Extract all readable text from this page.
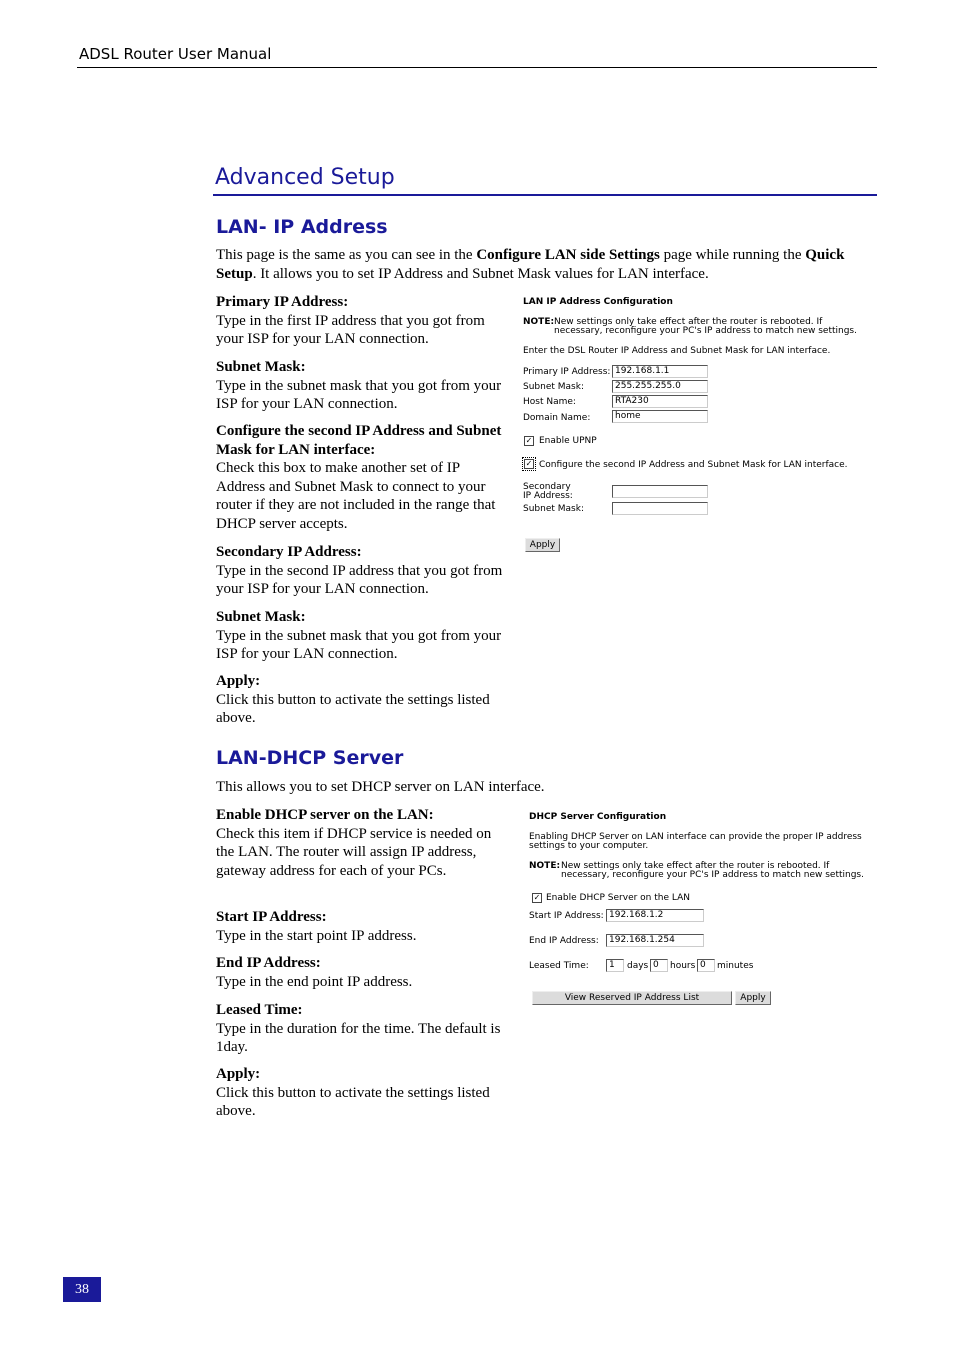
ADSL Router User Manual
Advanced Setup
LAN- IP Address

This page is the same as you can see in the Configure LAN side Settings page while running the Quick Setup. It allows you to set IP Address and Subnet Mask values for LAN interface.

Primary IP Address:
Type in the first IP address that you got from your ISP for your LAN connection.
Subnet Mask:
Type in the subnet mask that you got from your ISP for your LAN connection.
Configure the second IP Address and Subnet Mask for LAN interface:
Check this box to make another set of IP Address and Subnet Mask to connect to your router if they are not included in the range that DHCP server accepts.
Secondary IP Address:
Type in the second IP address that you got from your ISP for your LAN connection.
Subnet Mask:
Type in the subnet mask that you got from your ISP for your LAN connection.
Apply:
Click this button to activate the settings listed above.
LAN IP Address Configuration
NOTE: New settings only take effect after the router is rebooted. If
necessary, reconfigure your PC's IP address to match new settings.
Enter the DSL Router IP Address and Subnet Mask for LAN interface.
Primary IP Address: 192.168.1.1
Subnet Mask:	255.255.255.0
Host Name:	RTA230
Domain Name:	home
✓ Enable UPNP
✓ Configure the second IP Address and Subnet Mask for LAN interface.
Secondary
IP Address:
Subnet Mask:
Apply
LAN-DHCP Server

This allows you to set DHCP server on LAN interface.

Enable DHCP server on the LAN:
Check this item if DHCP service is needed on the LAN. The router will assign IP address, gateway address for each of your PCs.
Start IP Address:
Type in the start point IP address.
End IP Address:
Type in the end point IP address.
Leased Time:
Type in the duration for the time. The default is 1day.
Apply:
Click this button to activate the settings listed above.
DHCP Server Configuration
Enabling DHCP Server on LAN interface can provide the proper IP address
settings to your computer.
NOTE: New settings only take effect after the router is rebooted. If
necessary, reconfigure your PC's IP address to match new settings.
✓ Enable DHCP Server on the LAN
Start IP Address: 192.168.1.2
End IP Address:	192.168.1.254
Leased Time:	1	days 0	hours 0	minutes
View Reserved IP Address List	Apply
38
